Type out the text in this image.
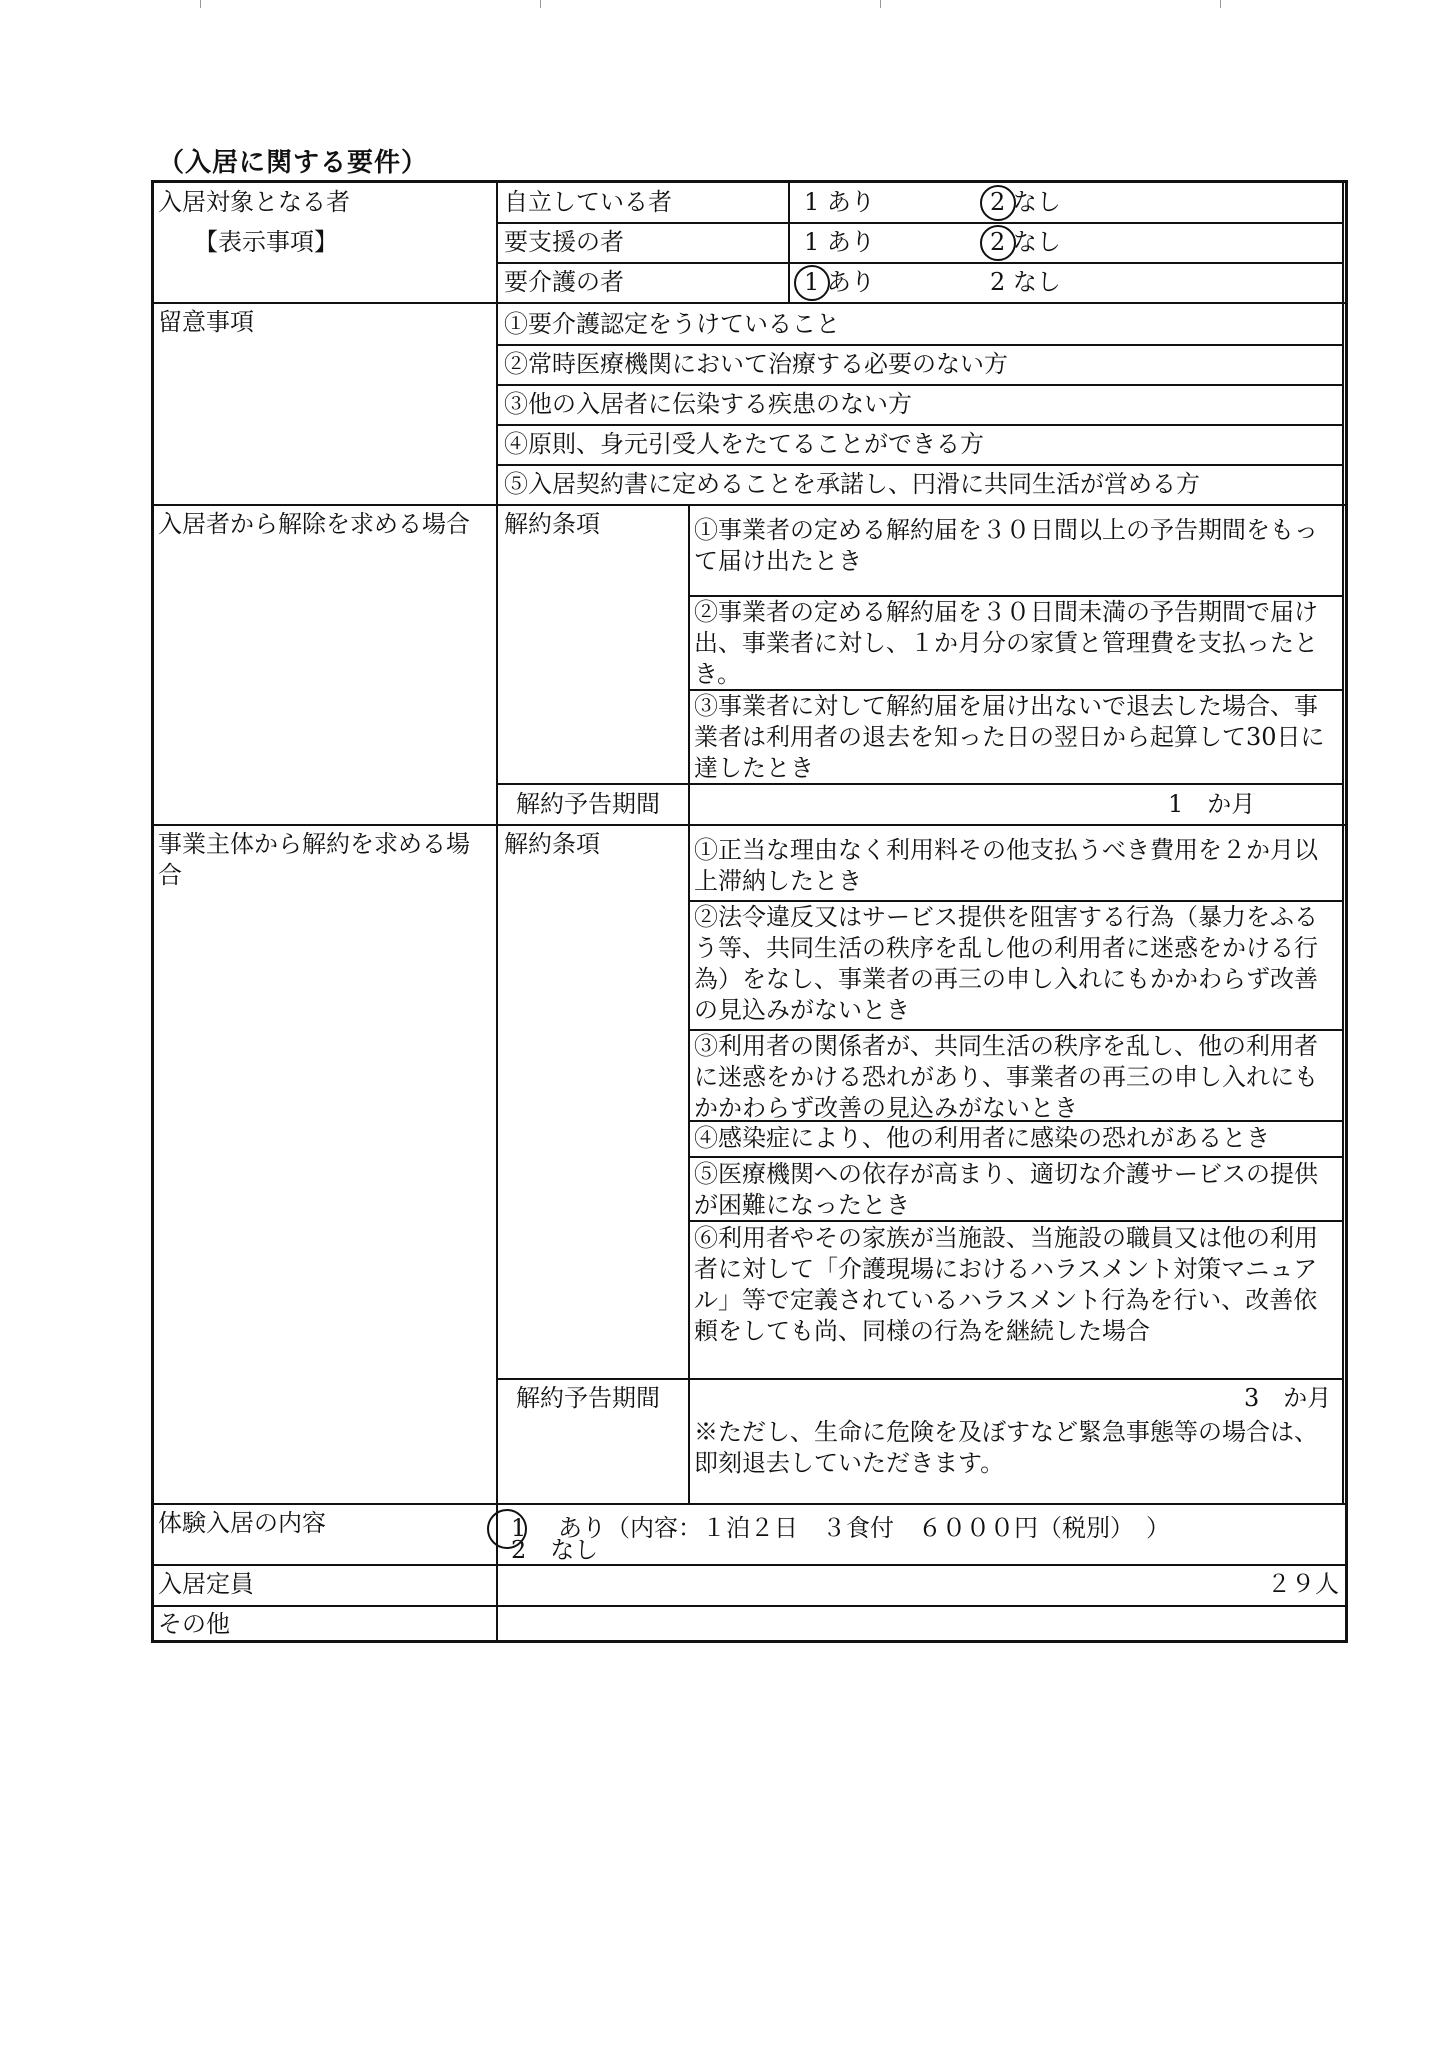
（入居に関する要件）
入居対象となる者
【表示事項】
自立している者	1 あり	2 なし
要支援の者	1 あり	2 なし
要介護の者	1 あり	2 なし
留意事項	①要介護認定をうけていること
②常時医療機関において治療する必要のない方
③他の入居者に伝染する疾患のない方
④原則、身元引受人をたてることができる方
⑤入居契約書に定めることを承諾し、円滑に共同生活が営める方
入居者から解除を求める場合 解約条項	①事業者の定める解約届を３０日間以上の予告期間をもって届け出たとき
②事業者の定める解約届を３０日間未満の予告期間で届け出、事業者に対し、１か月分の家賃と管理費を支払ったとき。
③事業者に対して解約届を届け出ないで退去した場合、事業者は利用者の退去を知った日の翌日から起算して30日に達したとき
解約予告期間	1　か月
事業主体から解約を求める場合
解約条項	①正当な理由なく利用料その他支払うべき費用を２か月以上滞納したとき
②法令違反又はサービス提供を阻害する行為（暴力をふるう等、共同生活の秩序を乱し他の利用者に迷惑をかける行為）をなし、事業者の再三の申し入れにもかかわらず改善の見込みがないとき
③利用者の関係者が、共同生活の秩序を乱し、他の利用者に迷惑をかける恐れがあり、事業者の再三の申し入れにもかかわらず改善の見込みがないとき
④感染症により、他の利用者に感染の恐れがあるとき
⑤医療機関への依存が高まり、適切な介護サービスの提供が困難になったとき
⑥利用者やその家族が当施設、当施設の職員又は他の利用者に対して「介護現場におけるハラスメント対策マニュアル」等で定義されているハラスメント行為を行い、改善依頼をしても尚、同様の行為を継続した場合
解約予告期間	3　か月
※ただし、生命に危険を及ぼすなど緊急事態等の場合は、即刻退去していただきます。
体験入居の内容	1 あり（内容：１泊２日　３食付　６０００円（税別）　）
2　なし
入居定員	２９人
その他
